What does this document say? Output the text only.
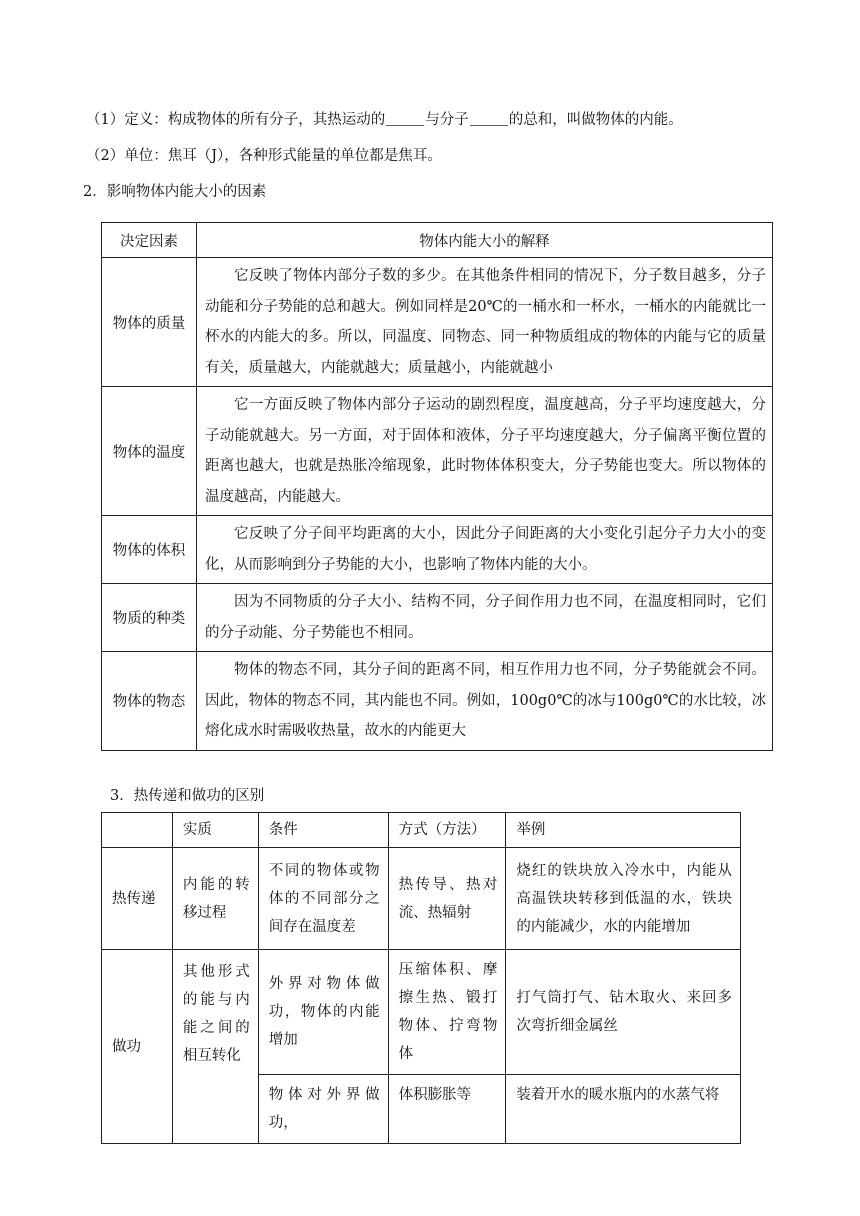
（1）定义：构成物体的所有分子，其热运动的	与分子	的总和，叫做物体的内能。
（2）单位：焦耳（J），各种形式能量的单位都是焦耳。
2．影响物体内能大小的因素
决定因素	物体内能大小的解释
物体的质量	它反映了物体内部分子数的多少。在其他条件相同的情况下，分子数目越多，分子动能和分子势能的总和越大。例如同样是20℃的一桶水和一杯水，一桶水的内能就比一杯水的内能大的多。所以，同温度、同物态、同一种物质组成的物体的内能与它的质量有关，质量越大，内能就越大；质量越小，内能就越小

物体的温度	它一方面反映了物体内部分子运动的剧烈程度，温度越高，分子平均速度越大，分子动能就越大。另一方面，对于固体和液体，分子平均速度越大，分子偏离平衡位置的距离也越大，也就是热胀冷缩现象，此时物体体积变大，分子势能也变大。所以物体的温度越高，内能越大。

物体的体积	它反映了分子间平均距离的大小，因此分子间距离的大小变化引起分子力大小的变化，从而影响到分子势能的大小，也影响了物体内能的大小。

物质的种类	因为不同物质的分子大小、结构不同，分子间作用力也不同，在温度相同时，它们的分子动能、分子势能也不相同。

物体的物态	物体的物态不同，其分子间的距离不同，相互作用力也不同，分子势能就会不同。因此，物体的物态不同，其内能也不同。例如，100g0℃的冰与100g0℃的水比较，冰熔化成水时需吸收热量，故水的内能更大

3．热传递和做功的区别
	实质	条件	方式（方法）	举例
热传递	内能的转移过程	不同的物体或物体的不同部分之间存在温度差	热传导、热对流、热辐射	烧红的铁块放入冷水中，内能从高温铁块转移到低温的水，铁块的内能减少，水的内能增加
做功	其他形式的能与内能之间的相互转化	外界对物体做功，物体的内能增加	压缩体积、摩擦生热、锻打物体、拧弯物体	打气筒打气、钻木取火、来回多次弯折细金属丝
		物体对外界做功，	体积膨胀等	装着开水的暖水瓶内的水蒸气将
